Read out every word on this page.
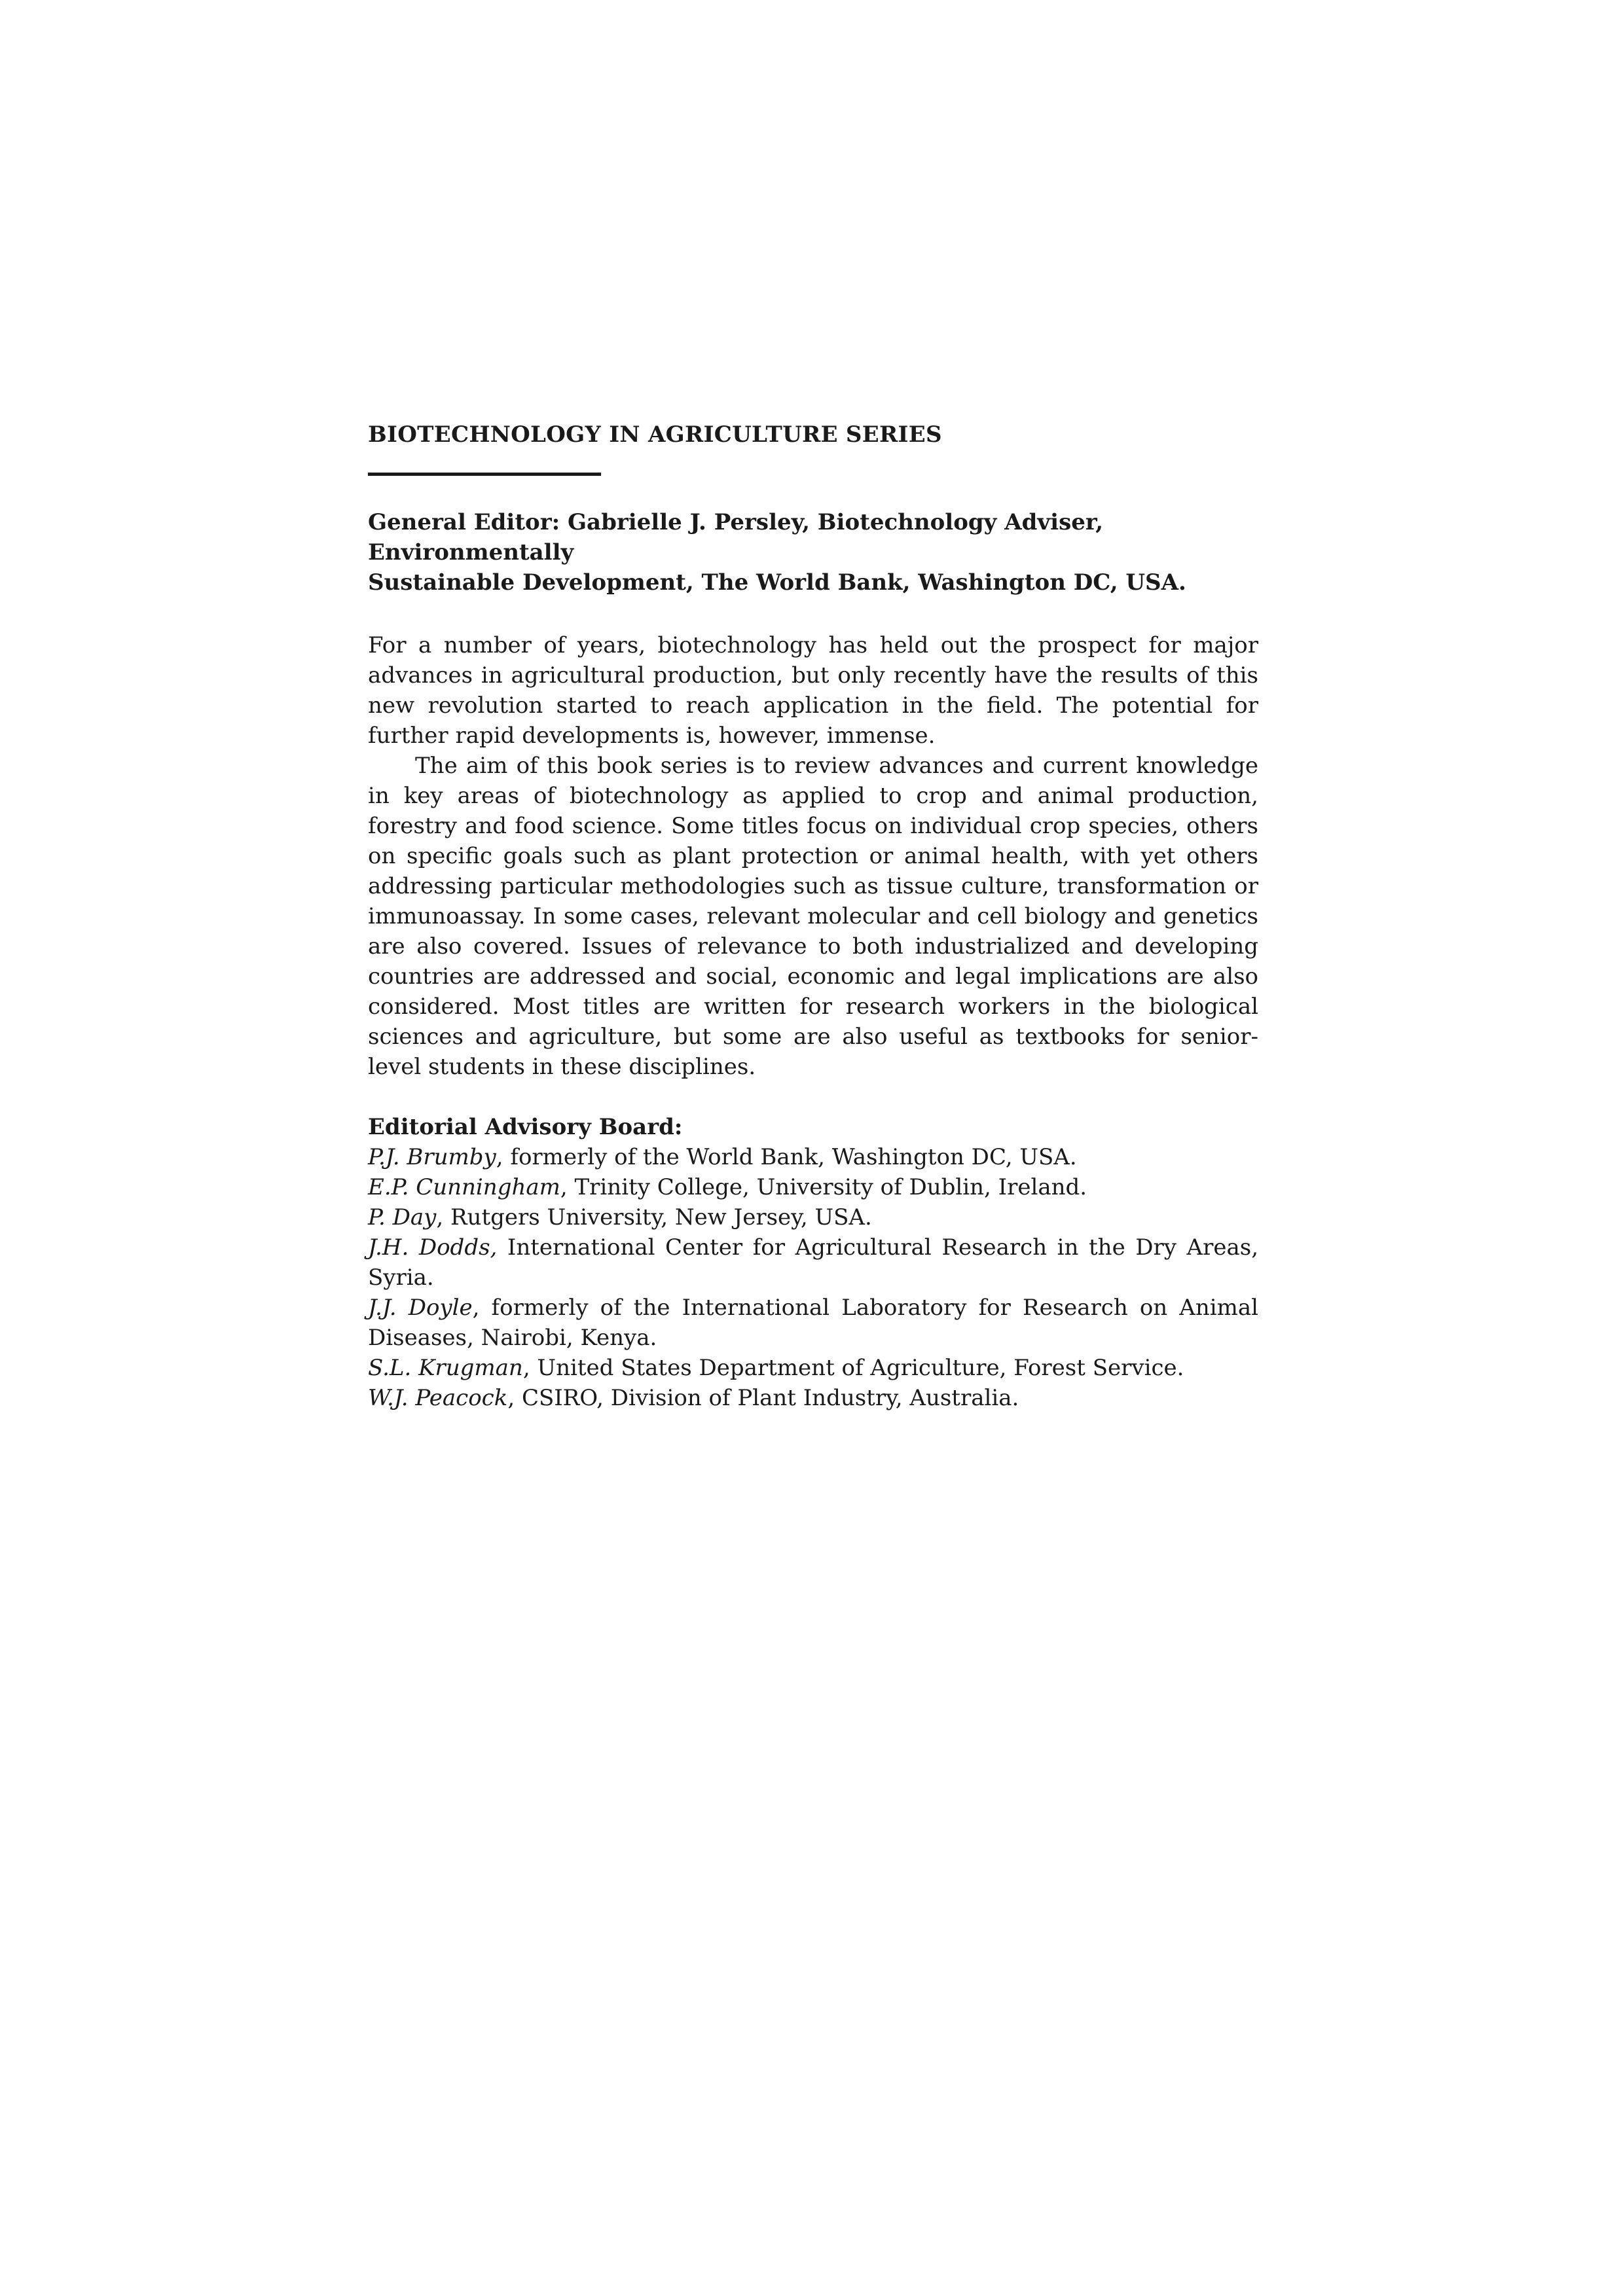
BIOTECHNOLOGY IN AGRICULTURE SERIES
General Editor: Gabrielle J. Persley, Biotechnology Adviser, Environmentally
Sustainable Development, The World Bank, Washington DC, USA.

For a number of years, biotechnology has held out the prospect for major advances in agricultural production, but only recently have the results of this new revolution started to reach application in the field. The potential for further rapid developments is, however, immense.

The aim of this book series is to review advances and current knowledge in key areas of biotechnology as applied to crop and animal production, forestry and food science. Some titles focus on individual crop species, others on specific goals such as plant protection or animal health, with yet others addressing particular methodologies such as tissue culture, transformation or immunoassay. In some cases, relevant molecular and cell biology and genetics are also covered. Issues of relevance to both industrialized and developing countries are addressed and social, economic and legal implications are also considered. Most titles are written for research workers in the biological sciences and agriculture, but some are also useful as textbooks for senior-level students in these disciplines.

Editorial Advisory Board:

P.J. Brumby, formerly of the World Bank, Washington DC, USA.

E.P. Cunningham, Trinity College, University of Dublin, Ireland.

P. Day, Rutgers University, New Jersey, USA.

J.H. Dodds, International Center for Agricultural Research in the Dry Areas, Syria.

J.J. Doyle, formerly of the International Laboratory for Research on Animal Diseases, Nairobi, Kenya.

S.L. Krugman, United States Department of Agriculture, Forest Service.

W.J. Peacock, CSIRO, Division of Plant Industry, Australia.
